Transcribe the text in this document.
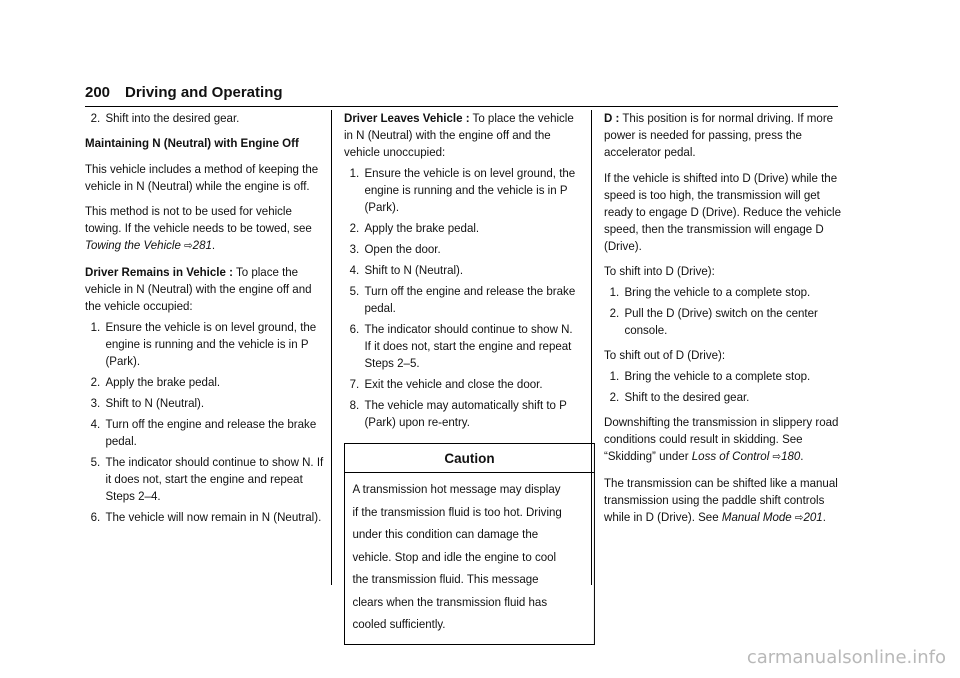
200 Driving and Operating
2. Shift into the desired gear.

Maintaining N (Neutral) with Engine Off

This vehicle includes a method of keeping the vehicle in N (Neutral) while the engine is off.

This method is not to be used for vehicle towing. If the vehicle needs to be towed, see Towing the Vehicle ⇨281.

Driver Remains in Vehicle : To place the vehicle in N (Neutral) with the engine off and the vehicle occupied:

1. Ensure the vehicle is on level ground, the engine is running and the vehicle is in P (Park).
2. Apply the brake pedal.
3. Shift to N (Neutral).
4. Turn off the engine and release the brake pedal.
5. The indicator should continue to show N. If it does not, start the engine and repeat Steps 2–4.
6. The vehicle will now remain in N (Neutral).

Driver Leaves Vehicle : To place the vehicle in N (Neutral) with the engine off and the vehicle unoccupied:

1. Ensure the vehicle is on level ground, the engine is running and the vehicle is in P (Park).
2. Apply the brake pedal.
3. Open the door.
4. Shift to N (Neutral).
5. Turn off the engine and release the brake pedal.
6. The indicator should continue to show N. If it does not, start the engine and repeat Steps 2–5.
7. Exit the vehicle and close the door.
8. The vehicle may automatically shift to P (Park) upon re-entry.
Caution
A transmission hot message may display if the transmission fluid is too hot. Driving under this condition can damage the vehicle. Stop and idle the engine to cool the transmission fluid. This message clears when the transmission fluid has cooled sufficiently.

D : This position is for normal driving. If more power is needed for passing, press the accelerator pedal.

If the vehicle is shifted into D (Drive) while the speed is too high, the transmission will get ready to engage D (Drive). Reduce the vehicle speed, then the transmission will engage D (Drive).

To shift into D (Drive):

1. Bring the vehicle to a complete stop.
2. Pull the D (Drive) switch on the center console.

To shift out of D (Drive):

1. Bring the vehicle to a complete stop.
2. Shift to the desired gear.

Downshifting the transmission in slippery road conditions could result in skidding. See “Skidding” under Loss of Control ⇨180.

The transmission can be shifted like a manual transmission using the paddle shift controls while in D (Drive). See Manual Mode ⇨201.

carmanualsonline.info
